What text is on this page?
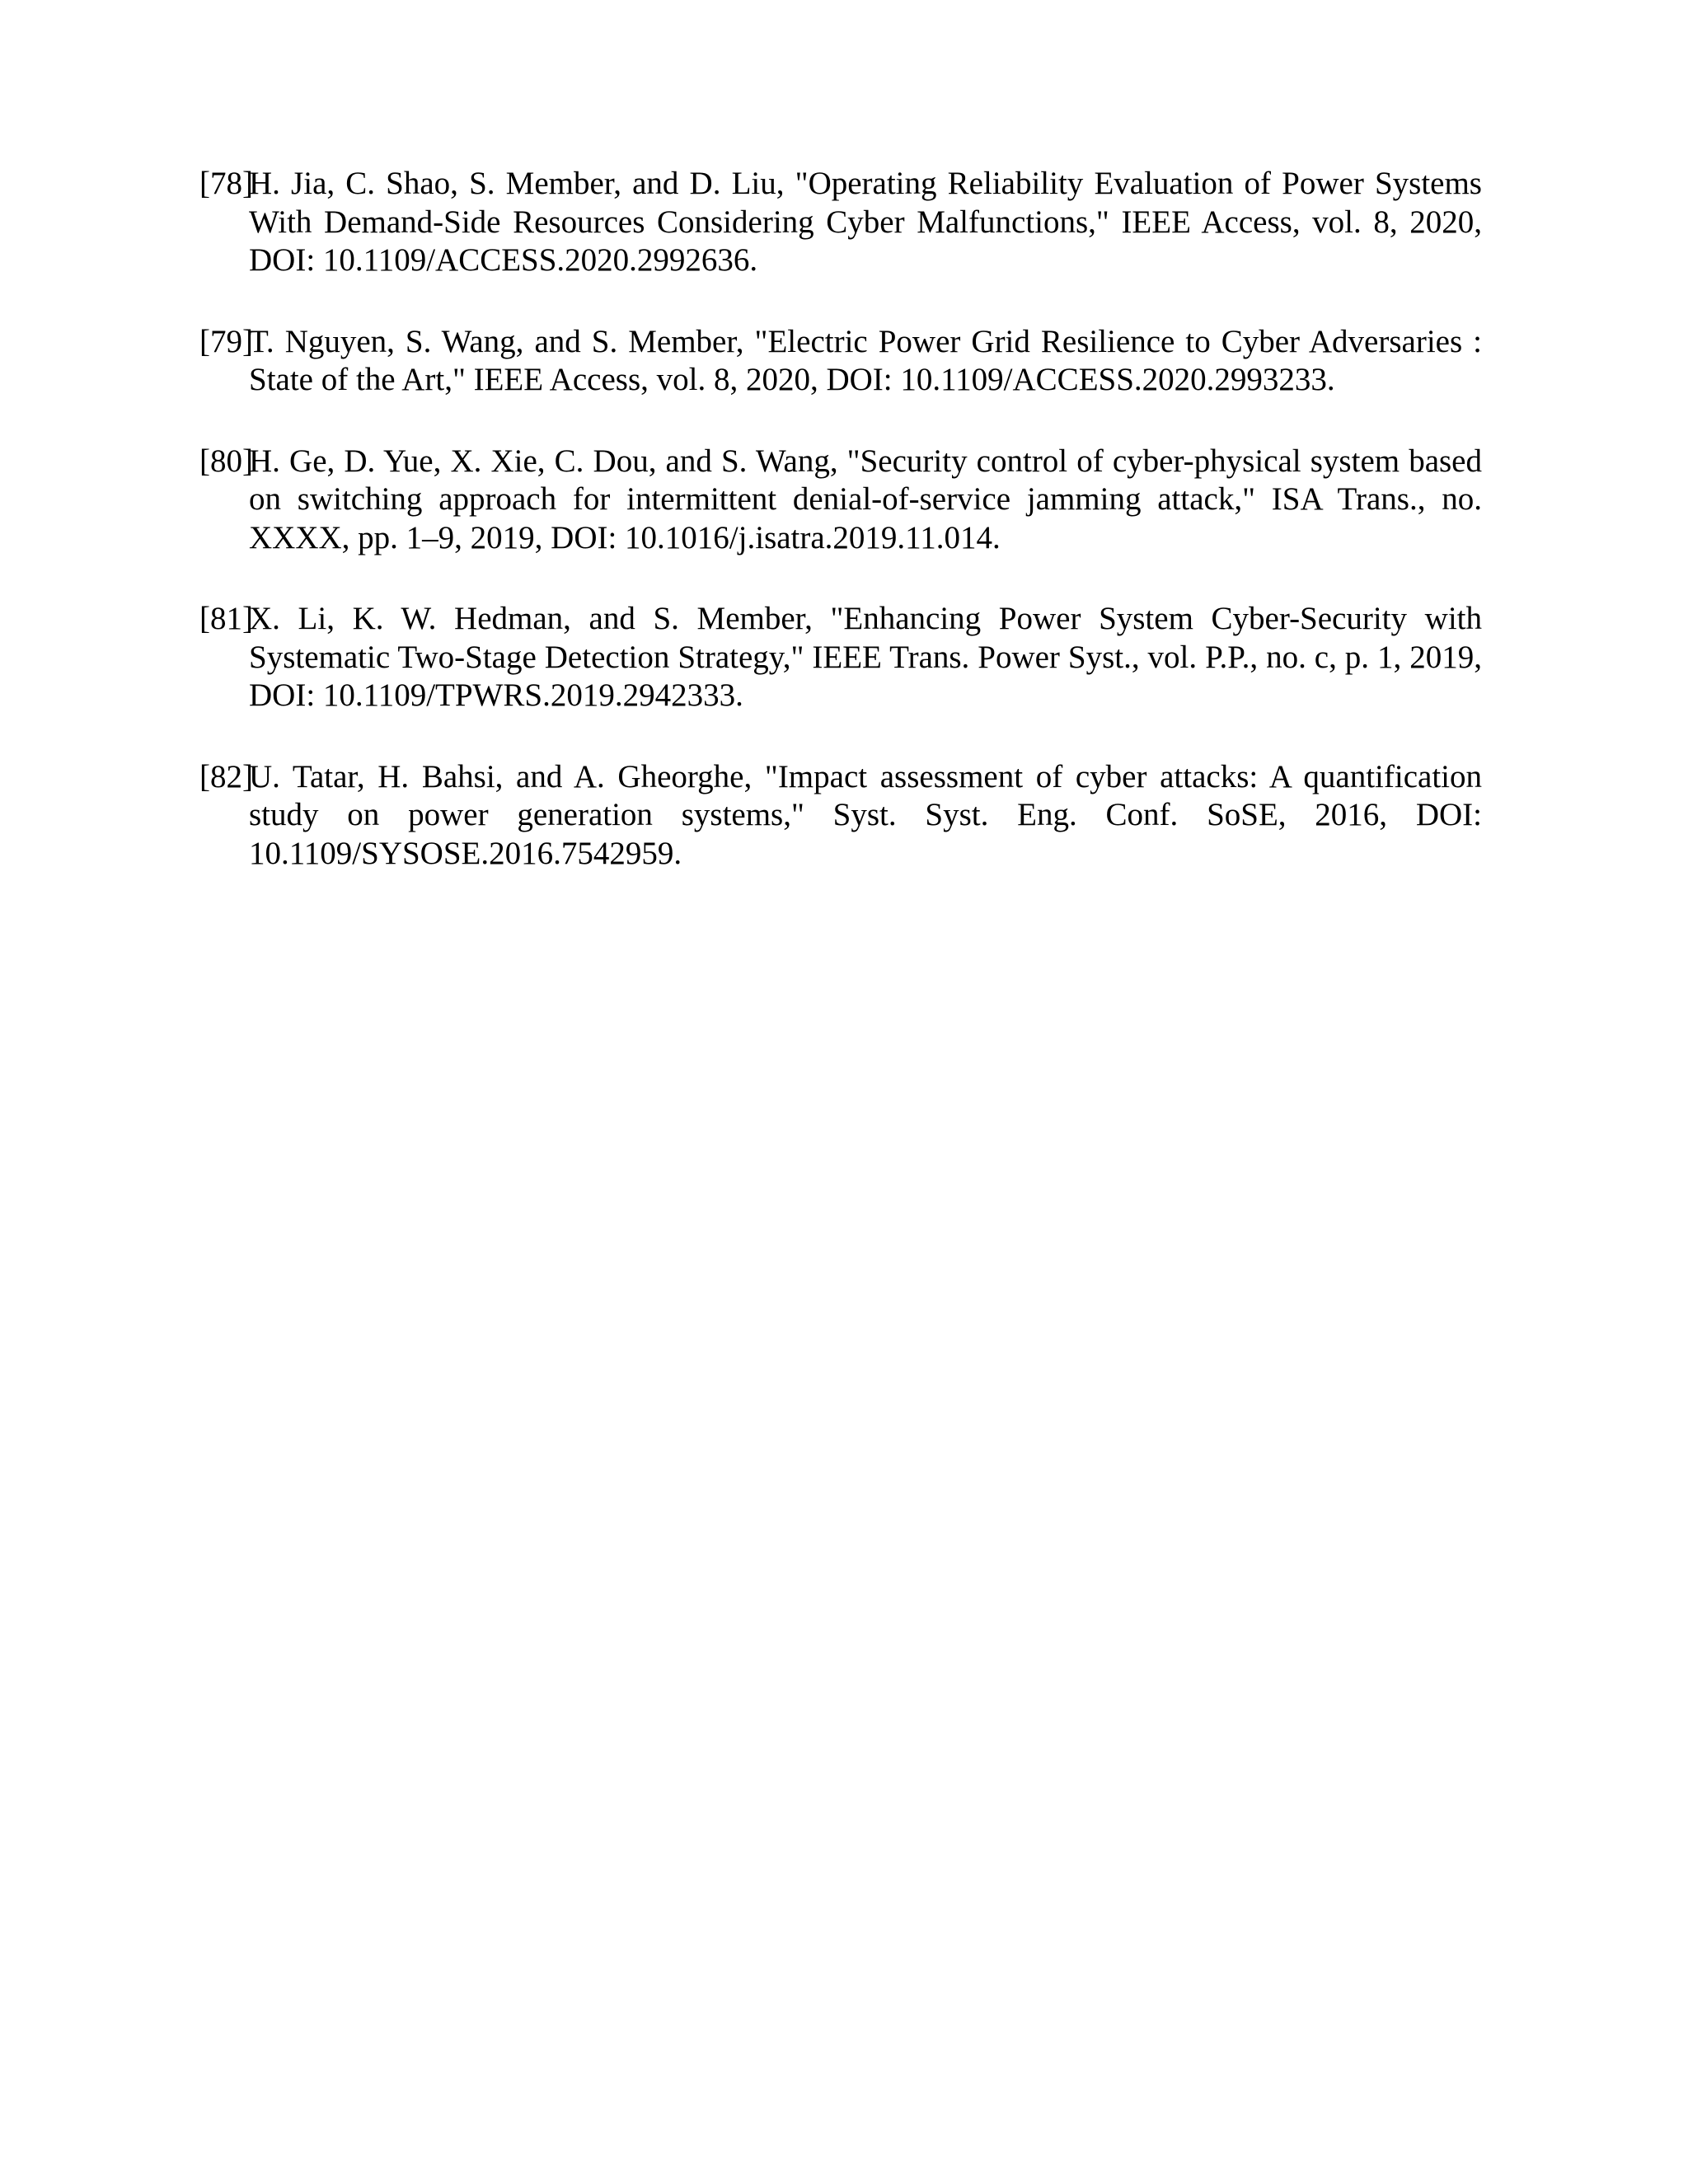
[78]
H. Jia, C. Shao, S. Member, and D. Liu, "Operating Reliability Evaluation of Power Systems With Demand-Side Resources Considering Cyber Malfunctions," IEEE Access, vol. 8, 2020, DOI: 10.1109/ACCESS.2020.2992636.
[79]
T. Nguyen, S. Wang, and S. Member, "Electric Power Grid Resilience to Cyber Adversaries : State of the Art," IEEE Access, vol. 8, 2020, DOI: 10.1109/ACCESS.2020.2993233.
[80]
H. Ge, D. Yue, X. Xie, C. Dou, and S. Wang, "Security control of cyber-physical system based on switching approach for intermittent denial-of-service jamming attack," ISA Trans., no. XXXX, pp. 1–9, 2019, DOI: 10.1016/j.isatra.2019.11.014.
[81]
X. Li, K. W. Hedman, and S. Member, "Enhancing Power System Cyber-Security with Systematic Two-Stage Detection Strategy," IEEE Trans. Power Syst., vol. P.P., no. c, p. 1, 2019, DOI: 10.1109/TPWRS.2019.2942333.
[82]
U. Tatar, H. Bahsi, and A. Gheorghe, "Impact assessment of cyber attacks: A quantification study on power generation systems," Syst. Syst. Eng. Conf. SoSE, 2016, DOI: 10.1109/SYSOSE.2016.7542959.
